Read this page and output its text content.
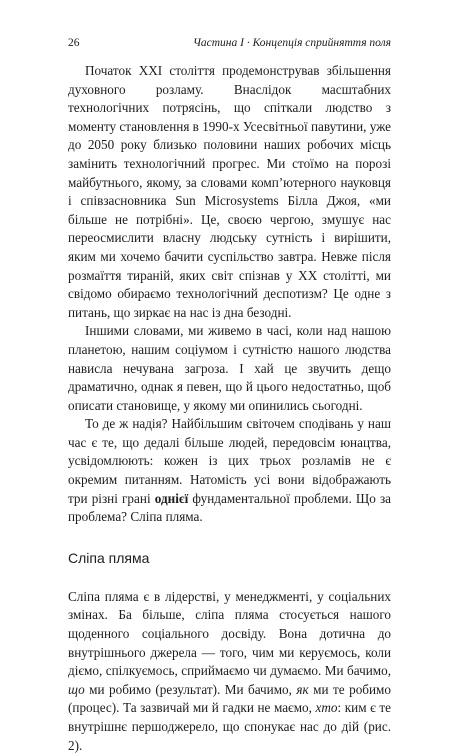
26	Частина I · Концепція сприйняття поля

Початок XXI століття продемонстрував збільшення духовного розламу. Внаслідок масштабних технологічних потрясінь, що спіткали людство з моменту становлення в 1990-х Усесвітньої павутини, уже до 2050 року близько половини наших робочих місць замінить технологічний прогрес. Ми стоїмо на порозі майбутнього, якому, за словами комп’ютерного науковця і співзасновника Sun Microsystems Білла Джоя, «ми більше не потрібні». Це, своєю чергою, змушує нас переосмислити власну людську сутність і вирішити, яким ми хочемо бачити суспільство завтра. Невже після розмаїття тираній, яких світ спізнав у XX столітті, ми свідомо обираємо технологічний деспотизм? Це одне з питань, що зиркає на нас із дна безодні.

Іншими словами, ми живемо в часі, коли над нашою планетою, нашим соціумом і сутністю нашого людства нависла нечувана загроза. І хай це звучить дещо драматично, однак я певен, що й цього недостатньо, щоб описати становище, у якому ми опинились сьогодні.

То де ж надія? Найбільшим світочем сподівань у наш час є те, що дедалі більше людей, передовсім юнацтва, усвідомлюють: кожен із цих трьох розламів не є окремим питанням. Натомість усі вони відображають три різні грані однієї фундаментальної проблеми. Що за проблема? Сліпа пляма.

Сліпа пляма

Сліпа пляма є в лідерстві, у менеджменті, у соціальних змінах. Ба більше, сліпа пляма стосується нашого щоденного соціального досвіду. Вона дотична до внутрішнього джерела — того, чим ми керуємось, коли діємо, спілкуємось, сприймаємо чи думаємо. Ми бачимо, що ми робимо (результат). Ми бачимо, як ми те робимо (процес). Та зазвичай ми й гадки не маємо, хто: ким є те внутрішнє першоджерело, що спонукає нас до дій (рис. 2).
